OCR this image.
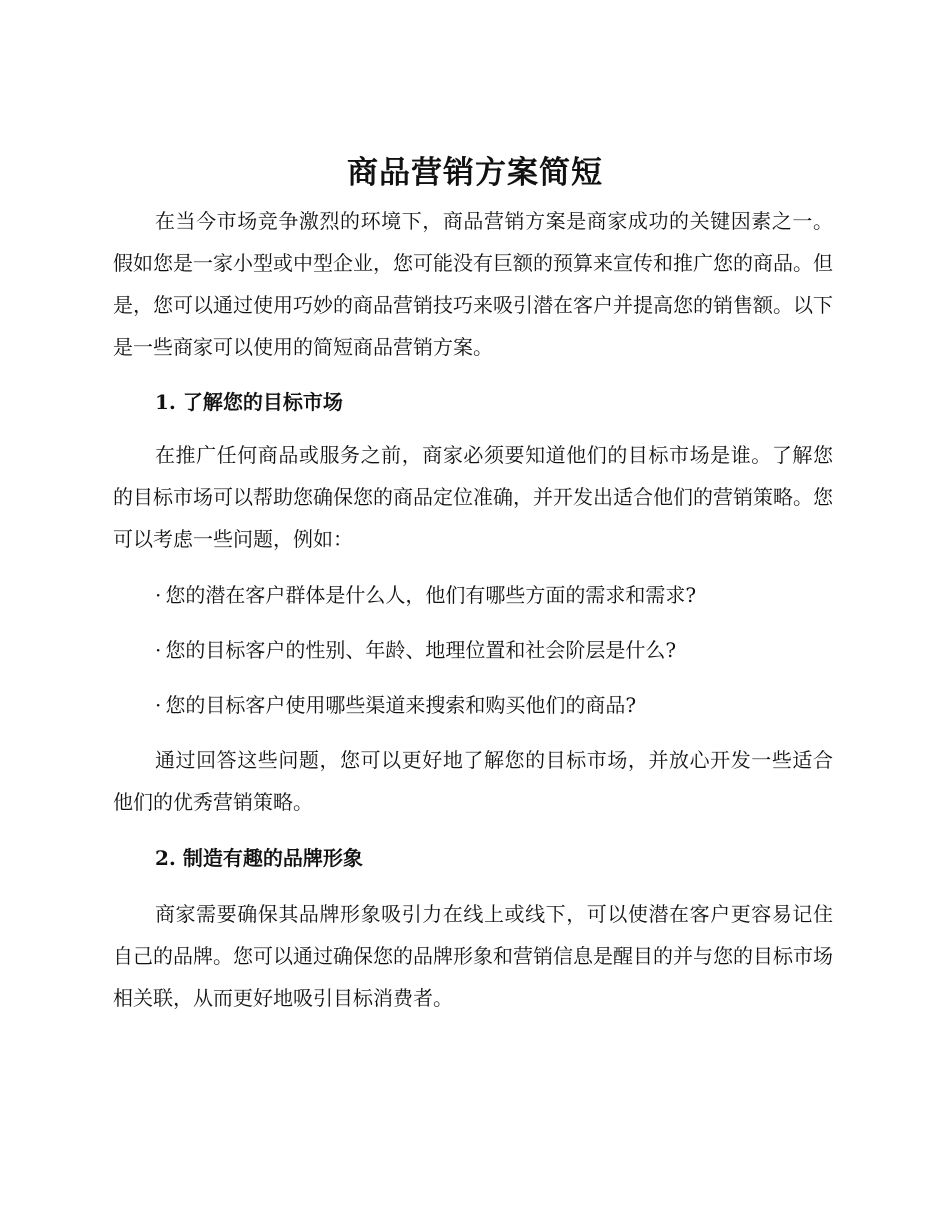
商品营销方案简短

在当今市场竞争激烈的环境下，商品营销方案是商家成功的关键因素之一。假如您是一家小型或中型企业，您可能没有巨额的预算来宣传和推广您的商品。但是，您可以通过使用巧妙的商品营销技巧来吸引潜在客户并提高您的销售额。以下是一些商家可以使用的简短商品营销方案。

1. 了解您的目标市场

在推广任何商品或服务之前，商家必须要知道他们的目标市场是谁。了解您的目标市场可以帮助您确保您的商品定位准确，并开发出适合他们的营销策略。您可以考虑一些问题，例如：

· 您的潜在客户群体是什么人，他们有哪些方面的需求和需求?
· 您的目标客户的性别、年龄、地理位置和社会阶层是什么?
· 您的目标客户使用哪些渠道来搜索和购买他们的商品?

通过回答这些问题，您可以更好地了解您的目标市场，并放心开发一些适合他们的优秀营销策略。

2. 制造有趣的品牌形象

商家需要确保其品牌形象吸引力在线上或线下，可以使潜在客户更容易记住自己的品牌。您可以通过确保您的品牌形象和营销信息是醒目的并与您的目标市场相关联，从而更好地吸引目标消费者。
